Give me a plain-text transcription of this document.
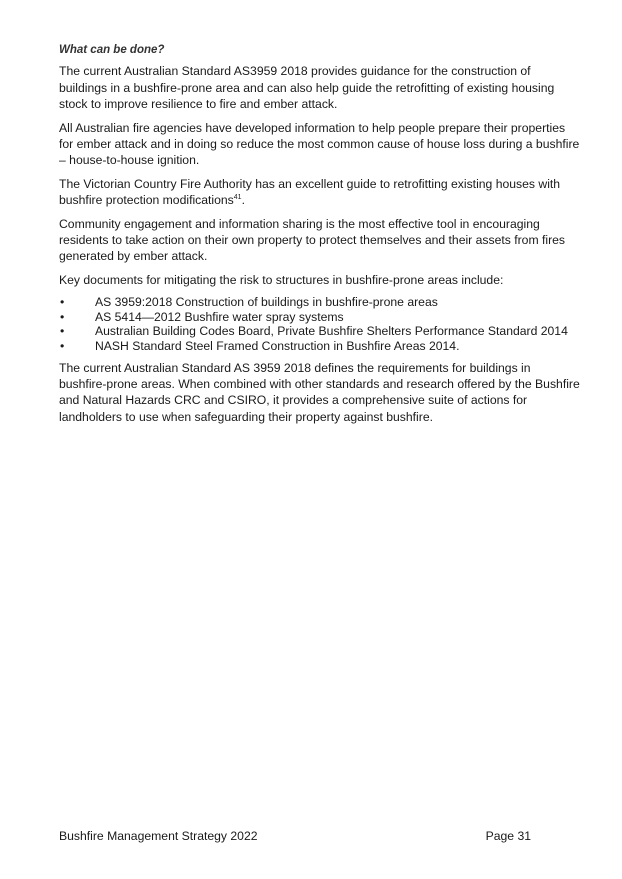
What can be done?

The current Australian Standard AS3959 2018 provides guidance for the construction of buildings in a bushfire-prone area and can also help guide the retrofitting of existing housing stock to improve resilience to fire and ember attack.

All Australian fire agencies have developed information to help people prepare their properties for ember attack and in doing so reduce the most common cause of house loss during a bushfire – house-to-house ignition.

The Victorian Country Fire Authority has an excellent guide to retrofitting existing houses with bushfire protection modifications$^{41}$.

Community engagement and information sharing is the most effective tool in encouraging residents to take action on their own property to protect themselves and their assets from fires generated by ember attack.

Key documents for mitigating the risk to structures in bushfire-prone areas include:

•	AS 3959:2018 Construction of buildings in bushfire-prone areas
•	AS 5414—2012 Bushfire water spray systems
•	Australian Building Codes Board, Private Bushfire Shelters Performance Standard 2014
•	NASH Standard Steel Framed Construction in Bushfire Areas 2014.

The current Australian Standard AS 3959 2018 defines the requirements for buildings in bushfire-prone areas. When combined with other standards and research offered by the Bushfire and Natural Hazards CRC and CSIRO, it provides a comprehensive suite of actions for landholders to use when safeguarding their property against bushfire.

Bushfire Management Strategy 2022	Page 31
